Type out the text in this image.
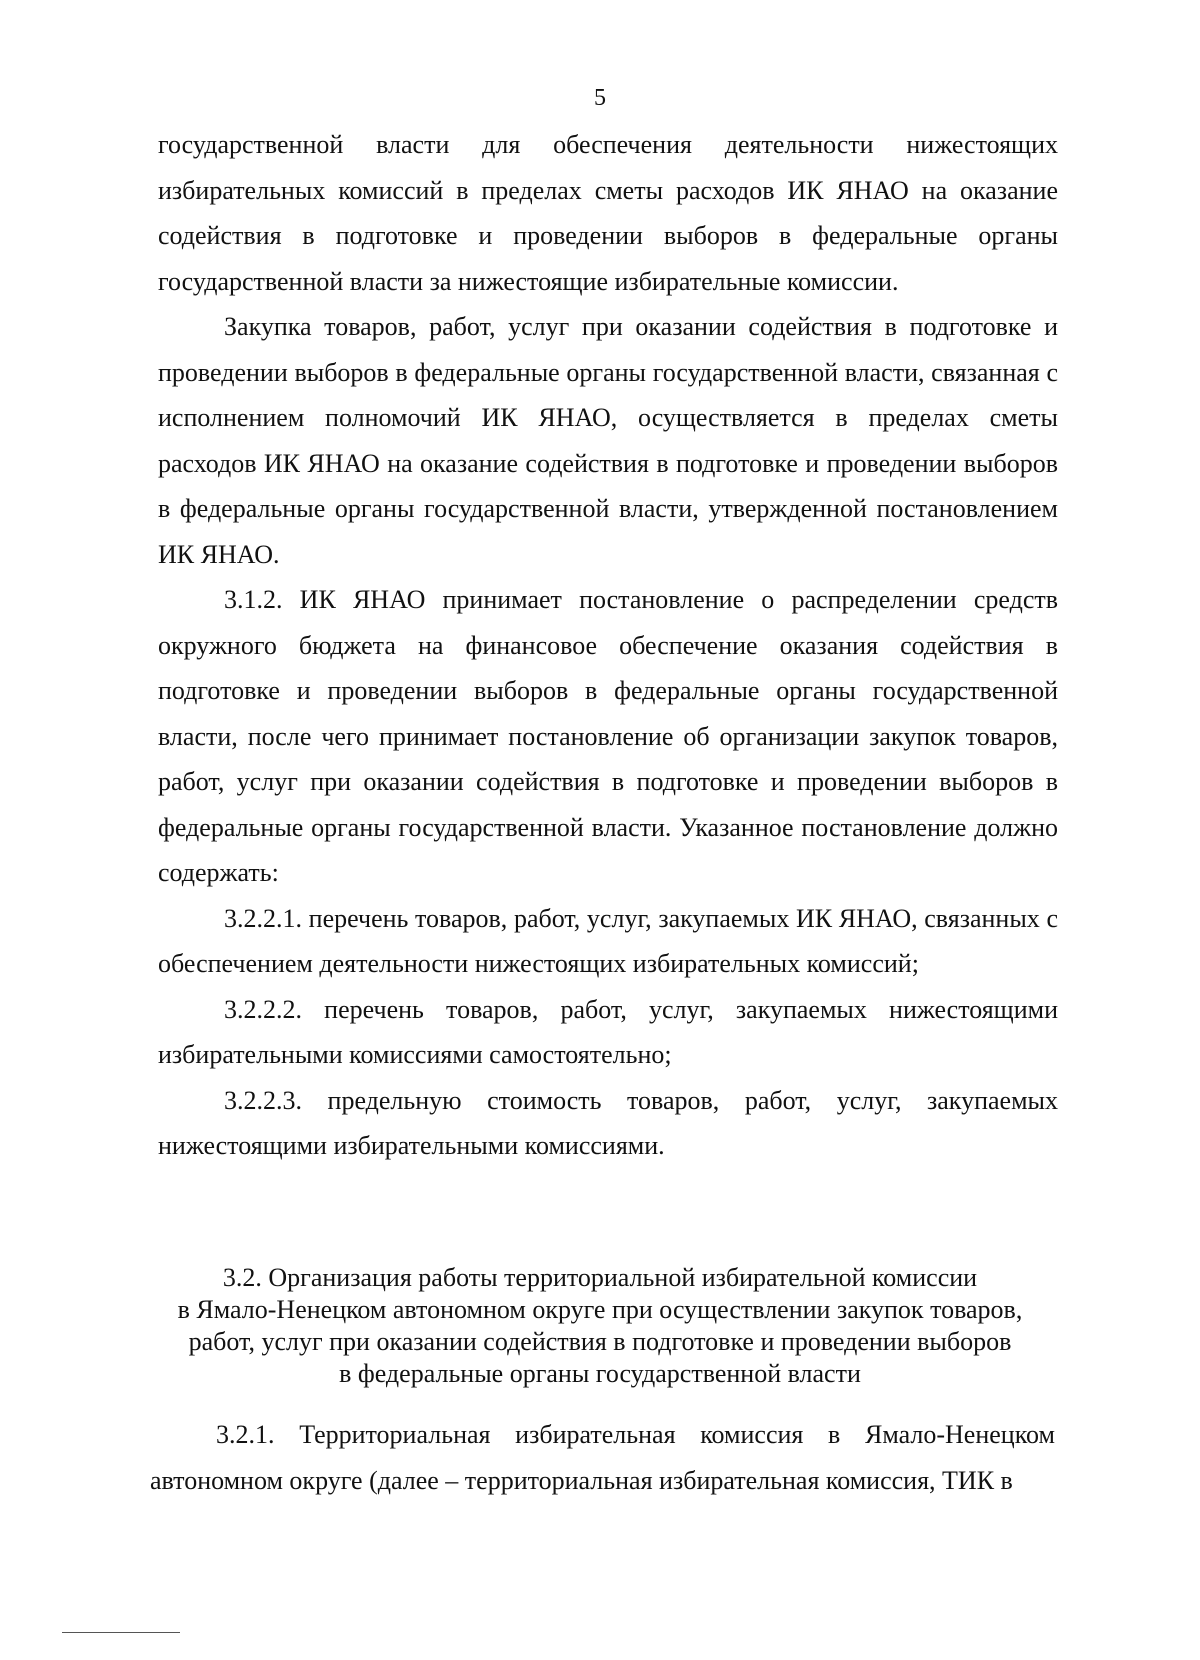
5

государственной власти для обеспечения деятельности нижестоящих избирательных комиссий в пределах сметы расходов ИК ЯНАО на оказание содействия в подготовке и проведении выборов в федеральные органы государственной власти за нижестоящие избирательные комиссии.

Закупка товаров, работ, услуг при оказании содействия в подготовке и проведении выборов в федеральные органы государственной власти, связанная с исполнением полномочий ИК ЯНАО, осуществляется в пределах сметы расходов ИК ЯНАО на оказание содействия в подготовке и проведении выборов в федеральные органы государственной власти, утвержденной постановлением ИК ЯНАО.

3.1.2. ИК ЯНАО принимает постановление о распределении средств окружного бюджета на финансовое обеспечение оказания содействия в подготовке и проведении выборов в федеральные органы государственной власти, после чего принимает постановление об организации закупок товаров, работ, услуг при оказании содействия в подготовке и проведении выборов в федеральные органы государственной власти. Указанное постановление должно содержать:

3.2.2.1. перечень товаров, работ, услуг, закупаемых ИК ЯНАО, связанных с обеспечением деятельности нижестоящих избирательных комиссий;

3.2.2.2. перечень товаров, работ, услуг, закупаемых нижестоящими избирательными комиссиями самостоятельно;

3.2.2.3. предельную стоимость товаров, работ, услуг, закупаемых нижестоящими избирательными комиссиями.

3.2. Организация работы территориальной избирательной комиссии

в Ямало-Ненецком автономном округе при осуществлении закупок товаров,

работ, услуг при оказании содействия в подготовке и проведении выборов

в федеральные органы государственной власти

3.2.1. Территориальная избирательная комиссия в Ямало-Ненецком автономном округе (далее – территориальная избирательная комиссия, ТИК в
